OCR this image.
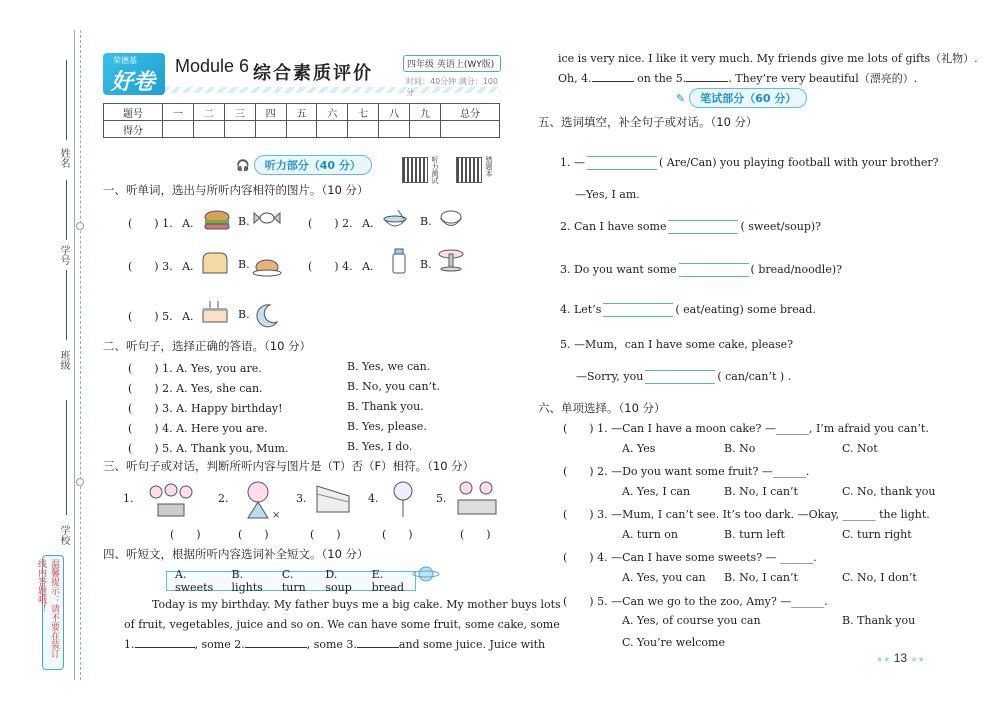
姓名
学号
班级
学校
温馨提示：请不要在装订线内答题哦！
荣德基
好卷
Module 6 综合素质评价	四年级 英语上(WY版)
时间：40分钟 满分：100分
题号	一	二	三	四	五	六	七	八	九	总分
得分										
🎧	听力部分（40 分）	听力测试	错题本
一、听单词，选出与所听内容相符的图片。（10 分）
(　　) 1. A.	B.	(　　) 2. A.	B.
(　　) 3. A.	B.	(　　) 4. A.	B.
(　　) 5. A.	B.
二、听句子，选择正确的答语。（10 分）
(　　) 1. A. Yes, you are.	B. Yes, we can.
(　　) 2. A. Yes, she can.	B. No, you can’t.
(　　) 3. A. Happy birthday!	B. Thank you.
(　　) 4. A. Here you are.	B. Yes, please.
(　　) 5. A. Thank you, Mum.	B. Yes, I do.
三、听句子或对话，判断所听内容与图片是（T）否（F）相符。（10 分）
1.	2.
×
3.	4.	5.
(　　)	(　　)	(　　)	(　　)	(　　)
四、听短文，根据所听内容选词补全短文。（10 分）
A. sweets
B. lights
C. turn
D. soup
E. bread
Today is my birthday. My father buys me a big cake. My mother buys lots
of fruit, vegetables, juice and so on. We can have some fruit, some cake, some
1.	, some 2.	, some 3.	and some juice. Juice with
ice is very nice. I like it very much. My friends give me lots of gifts（礼物）.
Oh, 4.	on the 5.	. They’re very beautiful（漂亮的）.
✎	笔试部分（60 分）
五、选词填空，补全句子或对话。（10 分）
1. —	( Are/Can) you playing football with your brother?
—Yes, I am.
2. Can I have some	( sweet/soup)?
3. Do you want some	( bread/noodle)?
4. Let’s	( eat/eating) some bread.
5. —Mum，can I have some cake, please?
—Sorry, you	( can/can’t ) .
六、单项选择。（10 分）
(　　) 1. —Can I have a moon cake? —______, I’m afraid you can’t.
A. Yes	B. No	C. Not
(　　) 2. —Do you want some fruit? —______.
A. Yes, I can	B. No, I can’t	C. No, thank you
(　　) 3. —Mum, I can’t see. It’s too dark. —Okay, ______ the light.
A. turn on	B. turn left	C. turn right
(　　) 4. —Can I have some sweets? — ______.
A. Yes, you can B. No, I can’t	C. No, I don’t
(　　) 5. —Can we go to the zoo, Amy? —______.
A. Yes, of course you can	B. Thank you
C. You’re welcome
★★ 13 ★★
